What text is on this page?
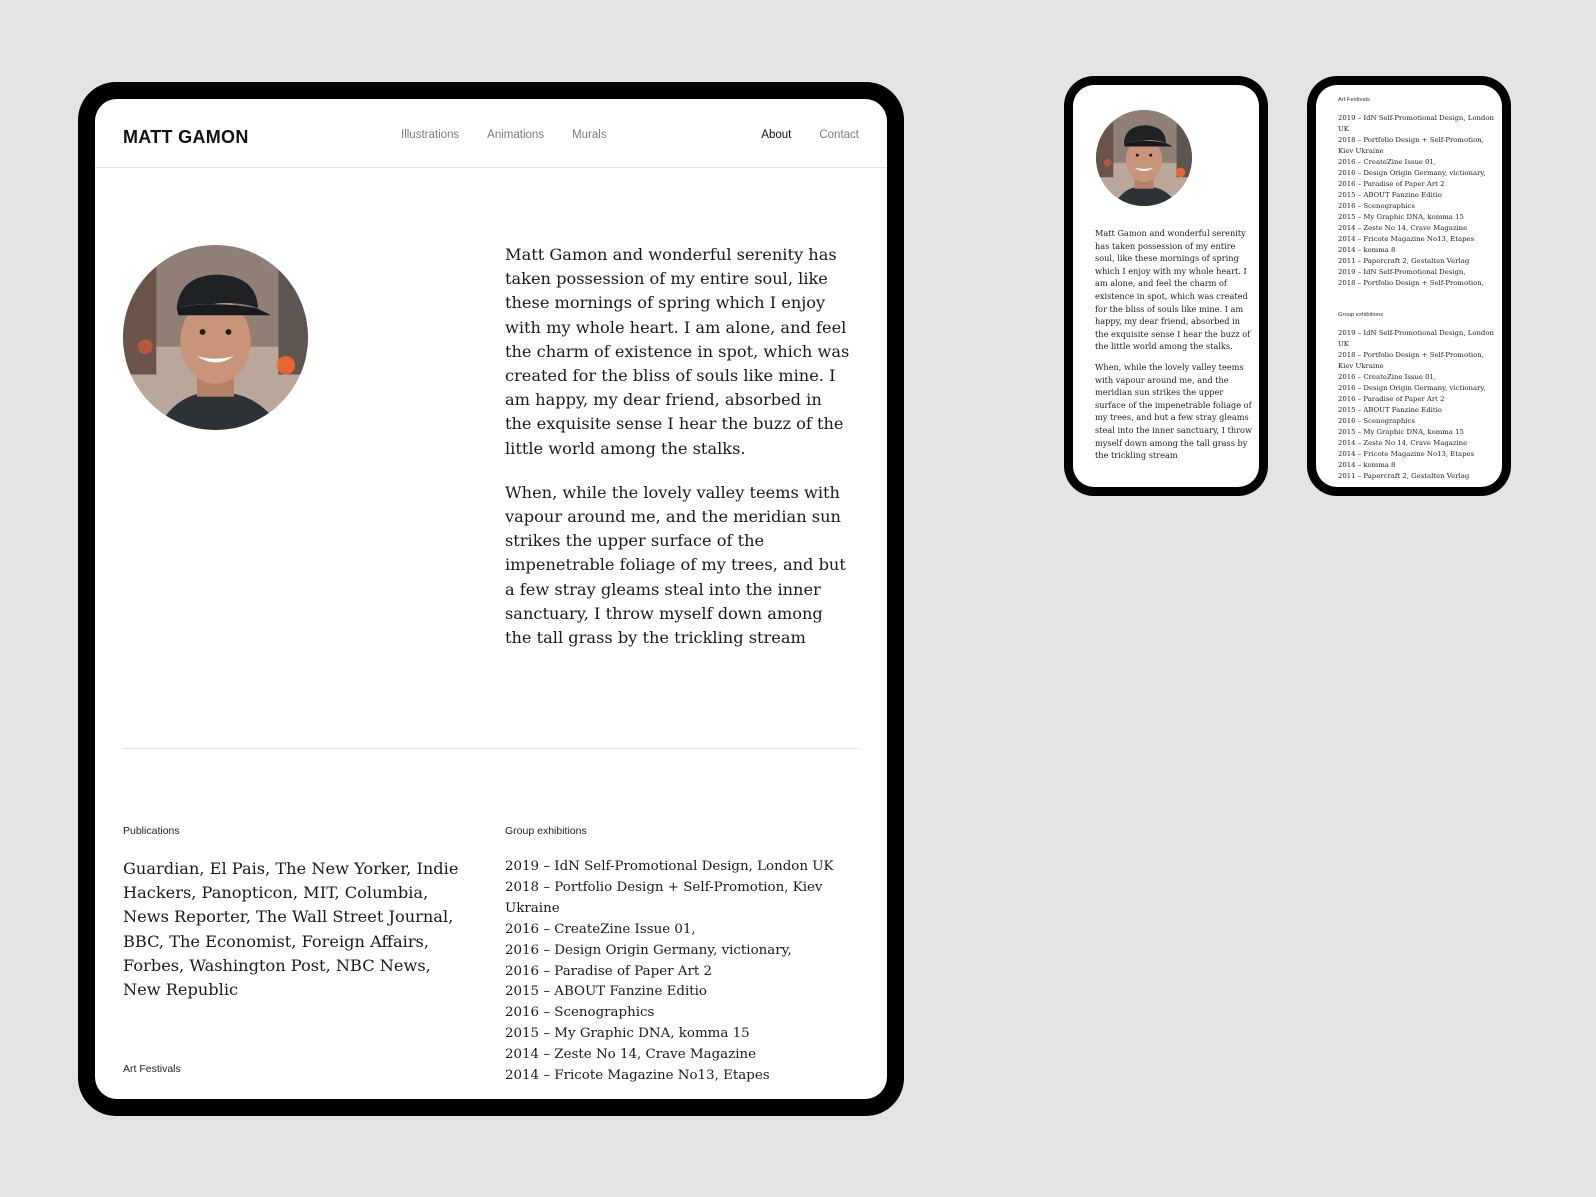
MATT GAMON	Illustrations Animations Murals	About Contact

Matt Gamon and wonderful serenity has taken possession of my entire soul, like these mornings of spring which I enjoy with my whole heart. I am alone, and feel the charm of existence in spot, which was created for the bliss of souls like mine. I am happy, my dear friend, absorbed in the exquisite sense I hear the buzz of the little world among the stalks.

When, while the lovely valley teems with vapour around me, and the meridian sun strikes the upper surface of the impenetrable foliage of my trees, and but a few stray gleams steal into the inner sanctuary, I throw myself down among the tall grass by the trickling stream

Publications
Guardian, El Pais, The New Yorker, Indie Hackers, Panopticon, MIT, Columbia, News Reporter, The Wall Street Journal, BBC, The Economist, Foreign Affairs, Forbes, Washington Post, NBC News, New Republic
Group exhibitions
2019 – IdN Self-Promotional Design, London UK
2018 – Portfolio Design + Self-Promotion, Kiev Ukraine
2016 – CreateZine Issue 01,
2016 – Design Origin Germany, victionary,
2016 – Paradise of Paper Art 2
2015 – ABOUT Fanzine Editio
2016 – Scenographics
2015 – My Graphic DNA, komma 15
2014 – Zeste No 14, Crave Magazine
2014 – Fricote Magazine No13, Etapes
Art Festivals

Matt Gamon and wonderful serenity has taken possession of my entire soul, like these mornings of spring which I enjoy with my whole heart. I am alone, and feel the charm of existence in spot, which was created for the bliss of souls like mine. I am happy, my dear friend, absorbed in the exquisite sense I hear the buzz of the little world among the stalks.

When, while the lovely valley teems with vapour around me, and the meridian sun strikes the upper surface of the impenetrable foliage of my trees, and but a few stray gleams steal into the inner sanctuary, I throw myself down among the tall grass by the trickling stream

Art Festivals
2019 – IdN Self-Promotional Design, London UK
2018 – Portfolio Design + Self-Promotion, Kiev Ukraine
2016 – CreateZine Issue 01,
2016 – Design Origin Germany, victionary,
2016 – Paradise of Paper Art 2
2015 – ABOUT Fanzine Editio
2016 – Scenographics
2015 – My Graphic DNA, komma 15
2014 – Zeste No 14, Crave Magazine
2014 – Fricote Magazine No13, Etapes
2014 – komma 8
2011 – Papercraft 2, Gestalten Verlag
2019 – IdN Self-Promotional Design,
2018 – Portfolio Design + Self-Promotion,
Group exhibitions
2019 – IdN Self-Promotional Design, London UK
2018 – Portfolio Design + Self-Promotion, Kiev Ukraine
2016 – CreateZine Issue 01,
2016 – Design Origin Germany, victionary,
2016 – Paradise of Paper Art 2
2015 – ABOUT Fanzine Editio
2016 – Scenographics
2015 – My Graphic DNA, komma 15
2014 – Zeste No 14, Crave Magazine
2014 – Fricote Magazine No13, Etapes
2014 – komma 8
2011 – Papercraft 2, Gestalten Verlag
